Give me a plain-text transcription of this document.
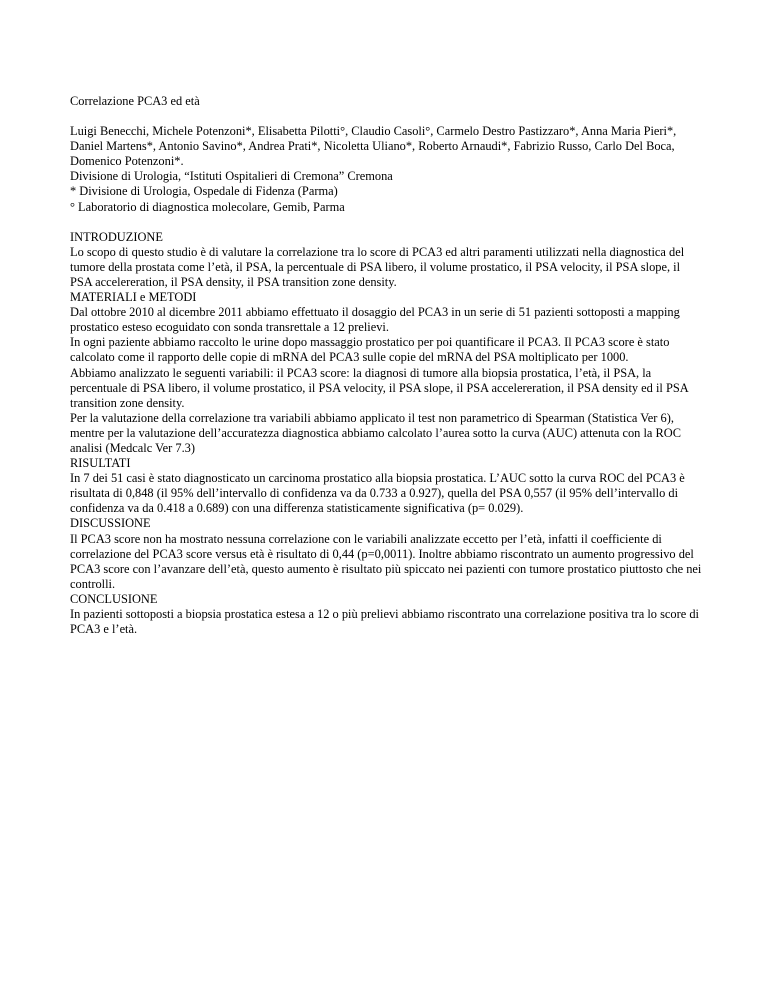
Correlazione PCA3 ed età

Luigi Benecchi, Michele Potenzoni*, Elisabetta Pilotti°, Claudio Casoli°, Carmelo Destro Pastizzaro*, Anna Maria Pieri*, Daniel Martens*, Antonio Savino*, Andrea Prati*, Nicoletta Uliano*, Roberto Arnaudi*, Fabrizio Russo, Carlo Del Boca, Domenico Potenzoni*.

Divisione di Urologia, “Istituti Ospitalieri di Cremona” Cremona

* Divisione di Urologia, Ospedale di Fidenza (Parma)

° Laboratorio di diagnostica molecolare, Gemib, Parma

INTRODUZIONE

Lo scopo di questo studio è di valutare la correlazione tra lo score di PCA3 ed altri paramenti utilizzati nella diagnostica del tumore della prostata come l’età, il PSA, la percentuale di PSA libero, il volume prostatico, il PSA velocity, il PSA slope, il PSA accelereration, il PSA density, il PSA transition zone density.

MATERIALI e METODI

Dal ottobre 2010 al dicembre 2011 abbiamo effettuato il dosaggio del PCA3 in un serie di 51 pazienti sottoposti a mapping prostatico esteso ecoguidato con sonda transrettale a 12 prelievi.

In ogni paziente abbiamo raccolto le urine dopo massaggio prostatico per poi quantificare il PCA3. Il PCA3 score è stato calcolato come il rapporto delle copie di mRNA del PCA3 sulle copie del mRNA del PSA moltiplicato per 1000.

Abbiamo analizzato le seguenti variabili: il PCA3 score: la diagnosi di tumore alla biopsia prostatica, l’età, il PSA, la percentuale di PSA libero, il volume prostatico, il PSA velocity, il PSA slope, il PSA accelereration, il PSA density ed il PSA transition zone density.

Per la valutazione della correlazione tra variabili abbiamo applicato il test non parametrico di Spearman (Statistica Ver 6), mentre per la valutazione dell’accuratezza diagnostica abbiamo calcolato l’aurea sotto la curva (AUC) attenuta con la ROC analisi (Medcalc Ver 7.3)

RISULTATI

In 7 dei 51 casi è stato diagnosticato un carcinoma prostatico alla biopsia prostatica. L’AUC sotto la curva ROC del PCA3 è risultata di 0,848 (il 95% dell’intervallo di confidenza va da 0.733 a 0.927), quella del PSA 0,557 (il 95% dell’intervallo di confidenza va da 0.418 a 0.689) con una differenza statisticamente significativa (p= 0.029).

DISCUSSIONE

Il PCA3 score non ha mostrato nessuna correlazione con le variabili analizzate eccetto per l’età, infatti il coefficiente di correlazione del PCA3 score versus età è risultato di 0,44 (p=0,0011). Inoltre abbiamo riscontrato un aumento progressivo del PCA3 score con l’avanzare dell’età, questo aumento è risultato più spiccato nei pazienti con tumore prostatico piuttosto che nei controlli.

CONCLUSIONE

In pazienti sottoposti a biopsia prostatica estesa a 12 o più prelievi abbiamo riscontrato una correlazione positiva tra lo score di PCA3 e l’età.
